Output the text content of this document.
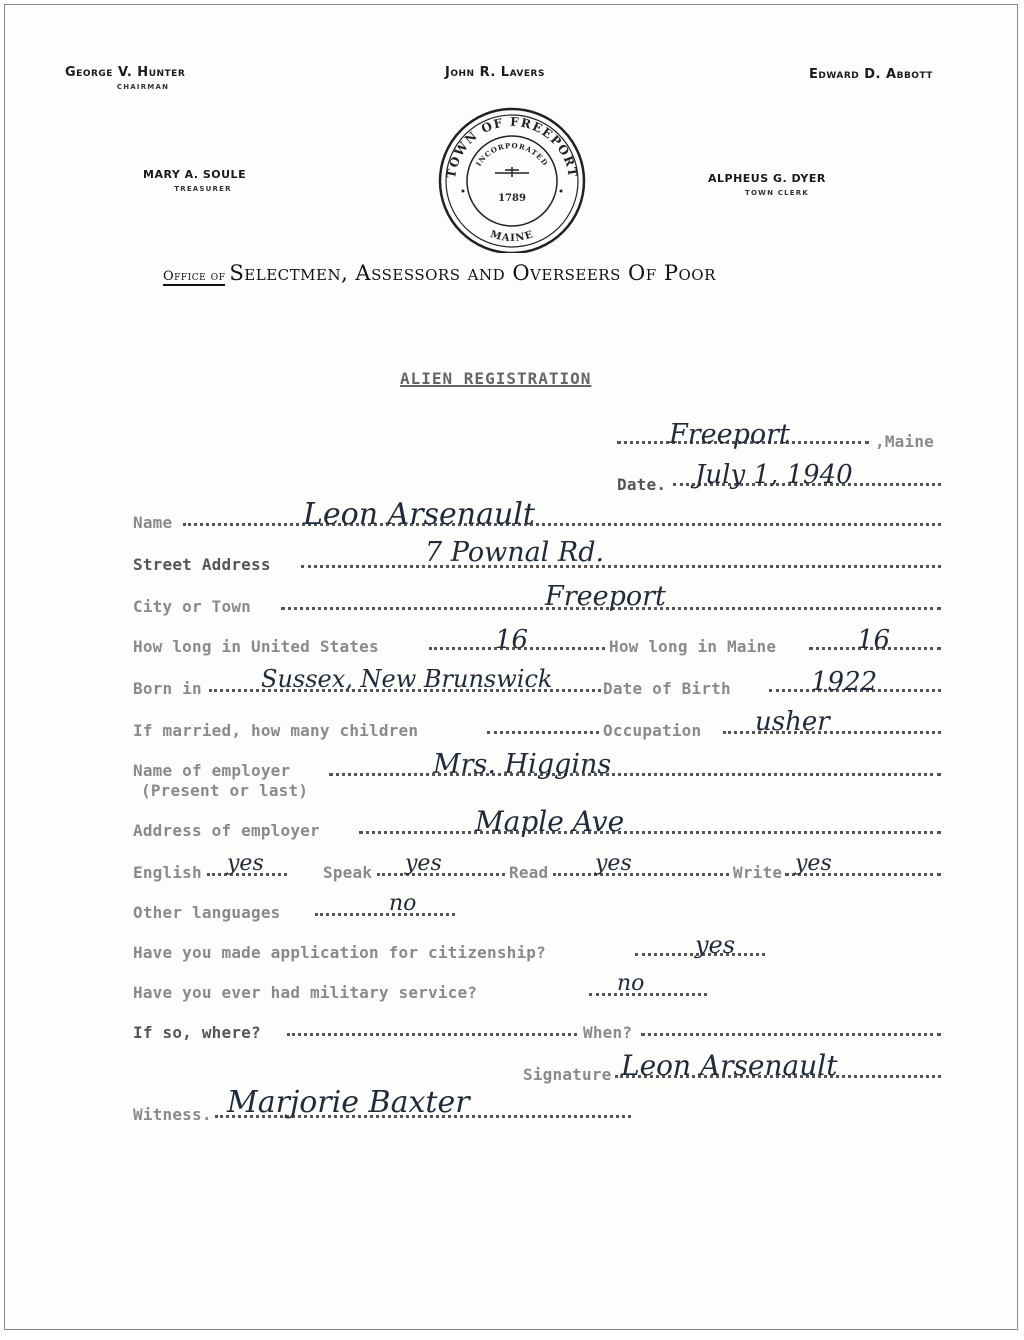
George V. Hunter
CHAIRMAN
John R. Lavers	Edward D. Abbott
MARY A. SOULE
TREASURER
ALPHEUS G. DYER
TOWN CLERK
TOWN OF FREEPORT
INCORPORATED
1789
MAINE
Office of Selectmen, Assessors and Overseers Of Poor
ALIEN REGISTRATION
Freeport	,Maine
Date. July 1, 1940
Name	Leon Arsenault
Street Address	7 Pownal Rd.
City or Town	Freeport
How long in United States	16	How long in Maine	16
Born in Sussex, New Brunswick	Date of Birth	1922
If married, how many children	Occupation usher
Name of employer
(Present or last)
Mrs. Higgins
Address of employer	Maple Ave
English yes	Speak yes	Read yes	Write yes
Other languages	no
Have you made application for citizenship?	yes
Have you ever had military service?	no
If so, where?	When?
Signature Leon Arsenault
Witness. Marjorie Baxter
